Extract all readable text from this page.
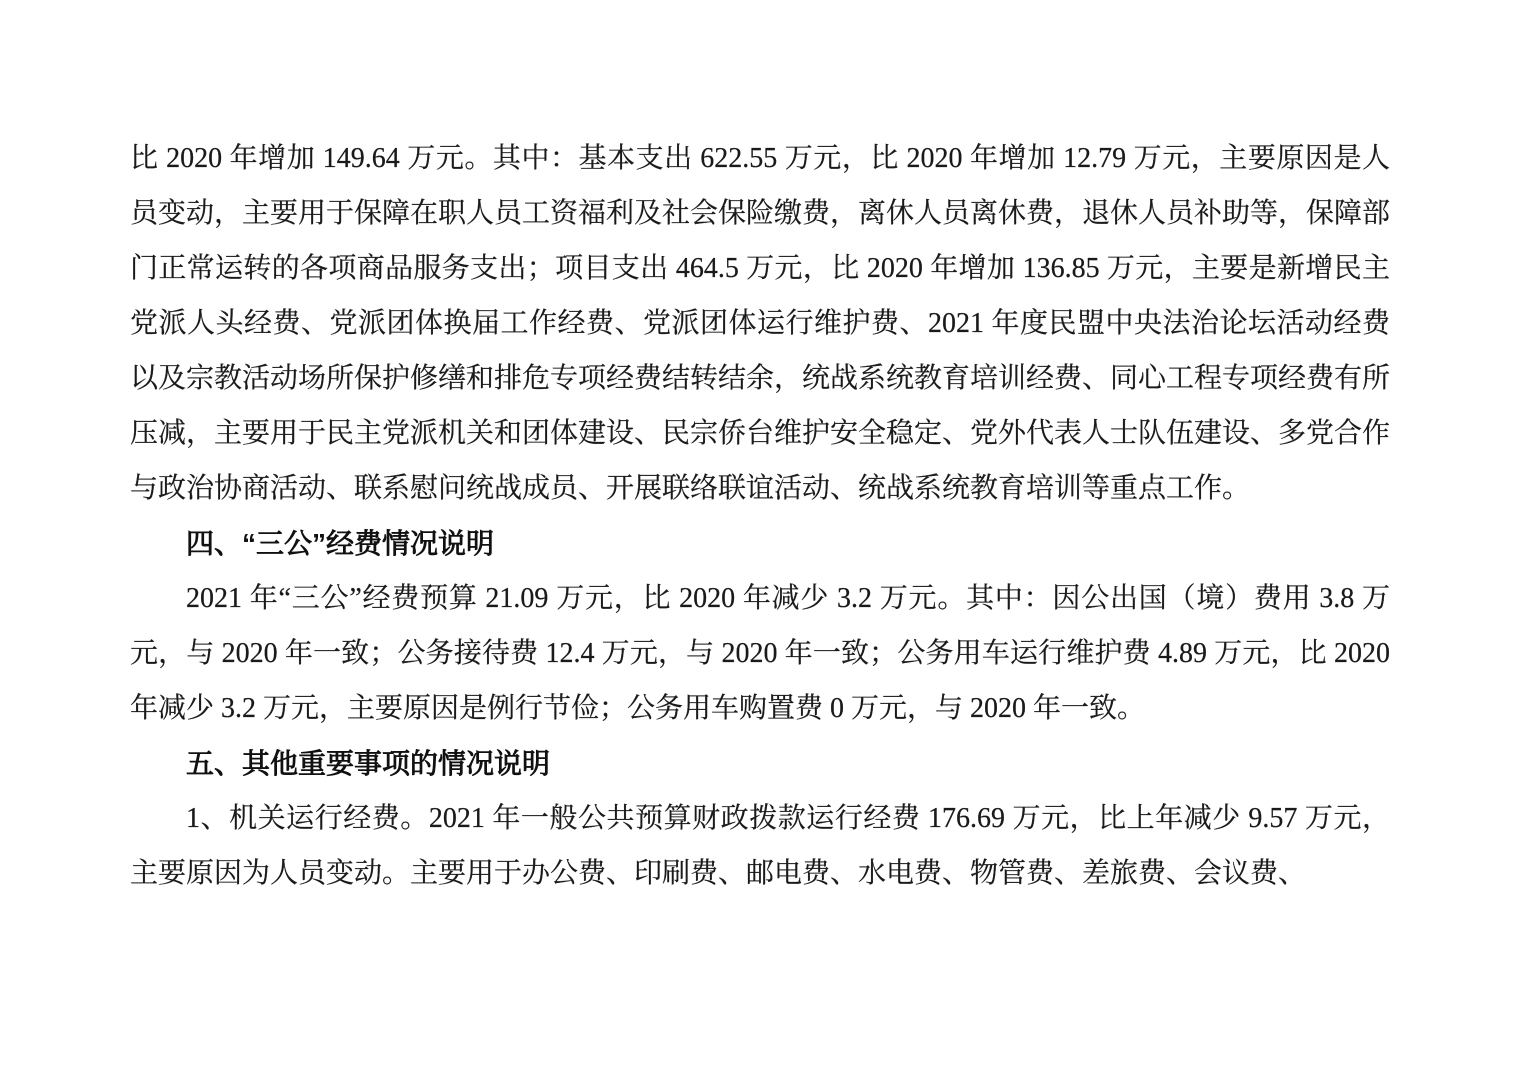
比 2020 年增加 149.64 万元。其中：基本支出 622.55 万元，比 2020 年增加 12.79 万元，主要原因是人员变动，主要用于保障在职人员工资福利及社会保险缴费，离休人员离休费，退休人员补助等，保障部门正常运转的各项商品服务支出；项目支出 464.5 万元，比 2020 年增加 136.85 万元，主要是新增民主党派人头经费、党派团体换届工作经费、党派团体运行维护费、2021 年度民盟中央法治论坛活动经费以及宗教活动场所保护修缮和排危专项经费结转结余，统战系统教育培训经费、同心工程专项经费有所压减，主要用于民主党派机关和团体建设、民宗侨台维护安全稳定、党外代表人士队伍建设、多党合作与政治协商活动、联系慰问统战成员、开展联络联谊活动、统战系统教育培训等重点工作。

四、“三公”经费情况说明

2021 年“三公”经费预算 21.09 万元，比 2020 年减少 3.2 万元。其中：因公出国（境）费用 3.8 万元，与 2020 年一致；公务接待费 12.4 万元，与 2020 年一致；公务用车运行维护费 4.89 万元，比 2020 年减少 3.2 万元，主要原因是例行节俭；公务用车购置费 0 万元，与 2020 年一致。

五、其他重要事项的情况说明

1、机关运行经费。2021 年一般公共预算财政拨款运行经费 176.69 万元，比上年减少 9.57 万元，主要原因为人员变动。主要用于办公费、印刷费、邮电费、水电费、物管费、差旅费、会议费、
